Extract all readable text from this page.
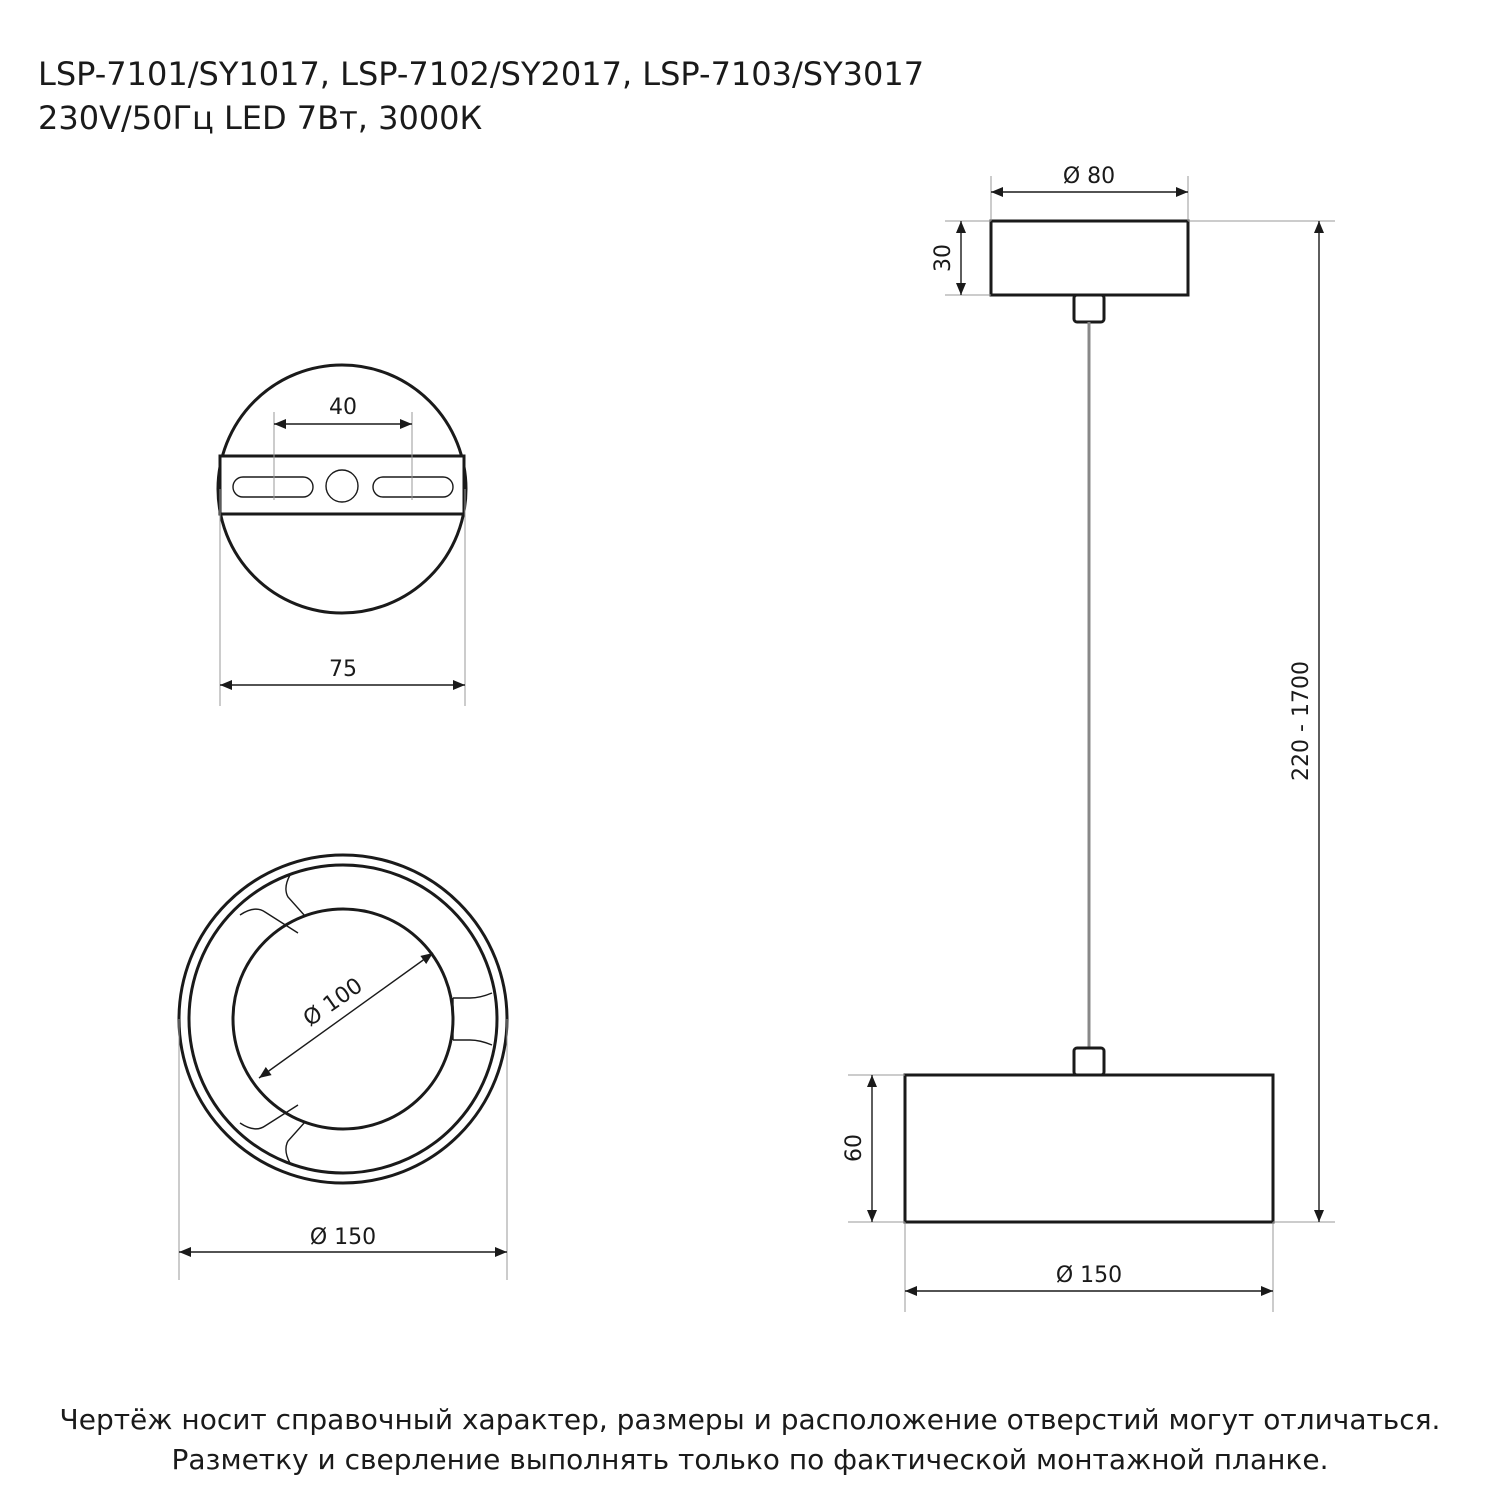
LSP-7101/SY1017, LSP-7102/SY2017, LSP-7103/SY3017
230V/50Гц LED 7Вт, 3000К
40
75
Ø 100
Ø 150
Ø 80
30
220 - 1700
60
Ø 150
Чертёж носит справочный характер, размеры и расположение отверстий могут отличаться.
Разметку и сверление выполнять только по фактической монтажной планке.
